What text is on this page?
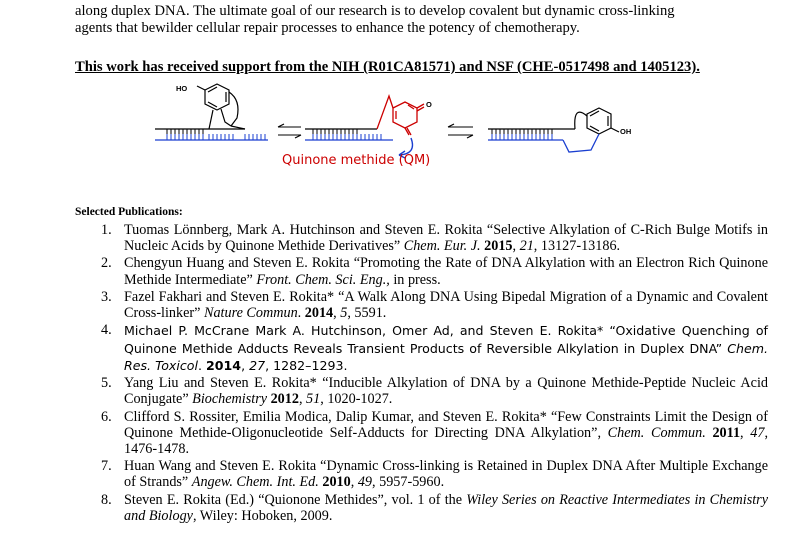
along duplex DNA. The ultimate goal of our research is to develop covalent but dynamic cross-linking
agents that bewilder cellular repair processes to enhance the potency of chemotherapy.

This work has received support from the NIH (R01CA81571) and NSF (CHE-0517498 and 1405123).

HO
O
Quinone methide (QM)
OH

Selected Publications:

1. Tuomas Lönnberg, Mark A. Hutchinson and Steven E. Rokita “Selective Alkylation of C-Rich Bulge Motifs in Nucleic Acids by Quinone Methide Derivatives” Chem. Eur. J. 2015, 21, 13127-13186.
2. Chengyun Huang and Steven E. Rokita “Promoting the Rate of DNA Alkylation with an Electron Rich Quinone Methide Intermediate” Front. Chem. Sci. Eng., in press.
3. Fazel Fakhari and Steven E. Rokita* “A Walk Along DNA Using Bipedal Migration of a Dynamic and Covalent Cross-linker” Nature Commun. 2014, 5, 5591.
4. Michael P. McCrane Mark A. Hutchinson, Omer Ad, and Steven E. Rokita* “Oxidative Quenching of Quinone Methide Adducts Reveals Transient Products of Reversible Alkylation in Duplex DNA” Chem. Res. Toxicol. 2014, 27, 1282–1293.
5. Yang Liu and Steven E. Rokita* “Inducible Alkylation of DNA by a Quinone Methide-Peptide Nucleic Acid Conjugate” Biochemistry 2012, 51, 1020-1027.
6. Clifford S. Rossiter, Emilia Modica, Dalip Kumar, and Steven E. Rokita* “Few Constraints Limit the Design of Quinone Methide-Oligonucleotide Self-Adducts for Directing DNA Alkylation”, Chem. Commun. 2011, 47, 1476-1478.
7. Huan Wang and Steven E. Rokita “Dynamic Cross-linking is Retained in Duplex DNA After Multiple Exchange of Strands” Angew. Chem. Int. Ed. 2010, 49, 5957-5960.
8. Steven E. Rokita (Ed.) “Quionone Methides”, vol. 1 of the Wiley Series on Reactive Intermediates in Chemistry and Biology, Wiley: Hoboken, 2009.
